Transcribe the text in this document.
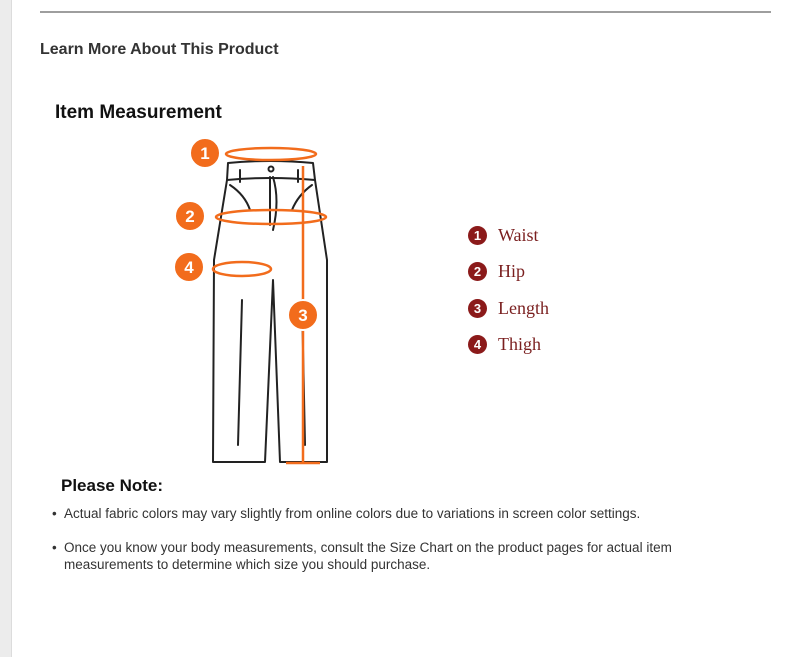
Learn More About This Product
Item Measurement
1
2
4
3
1 Waist
2 Hip
3 Length
4 Thigh
Please Note:
• Actual fabric colors may vary slightly from online colors due to variations in screen color settings.
• Once you know your body measurements, consult the Size Chart on the product pages for actual item measurements to determine which size you should purchase.
